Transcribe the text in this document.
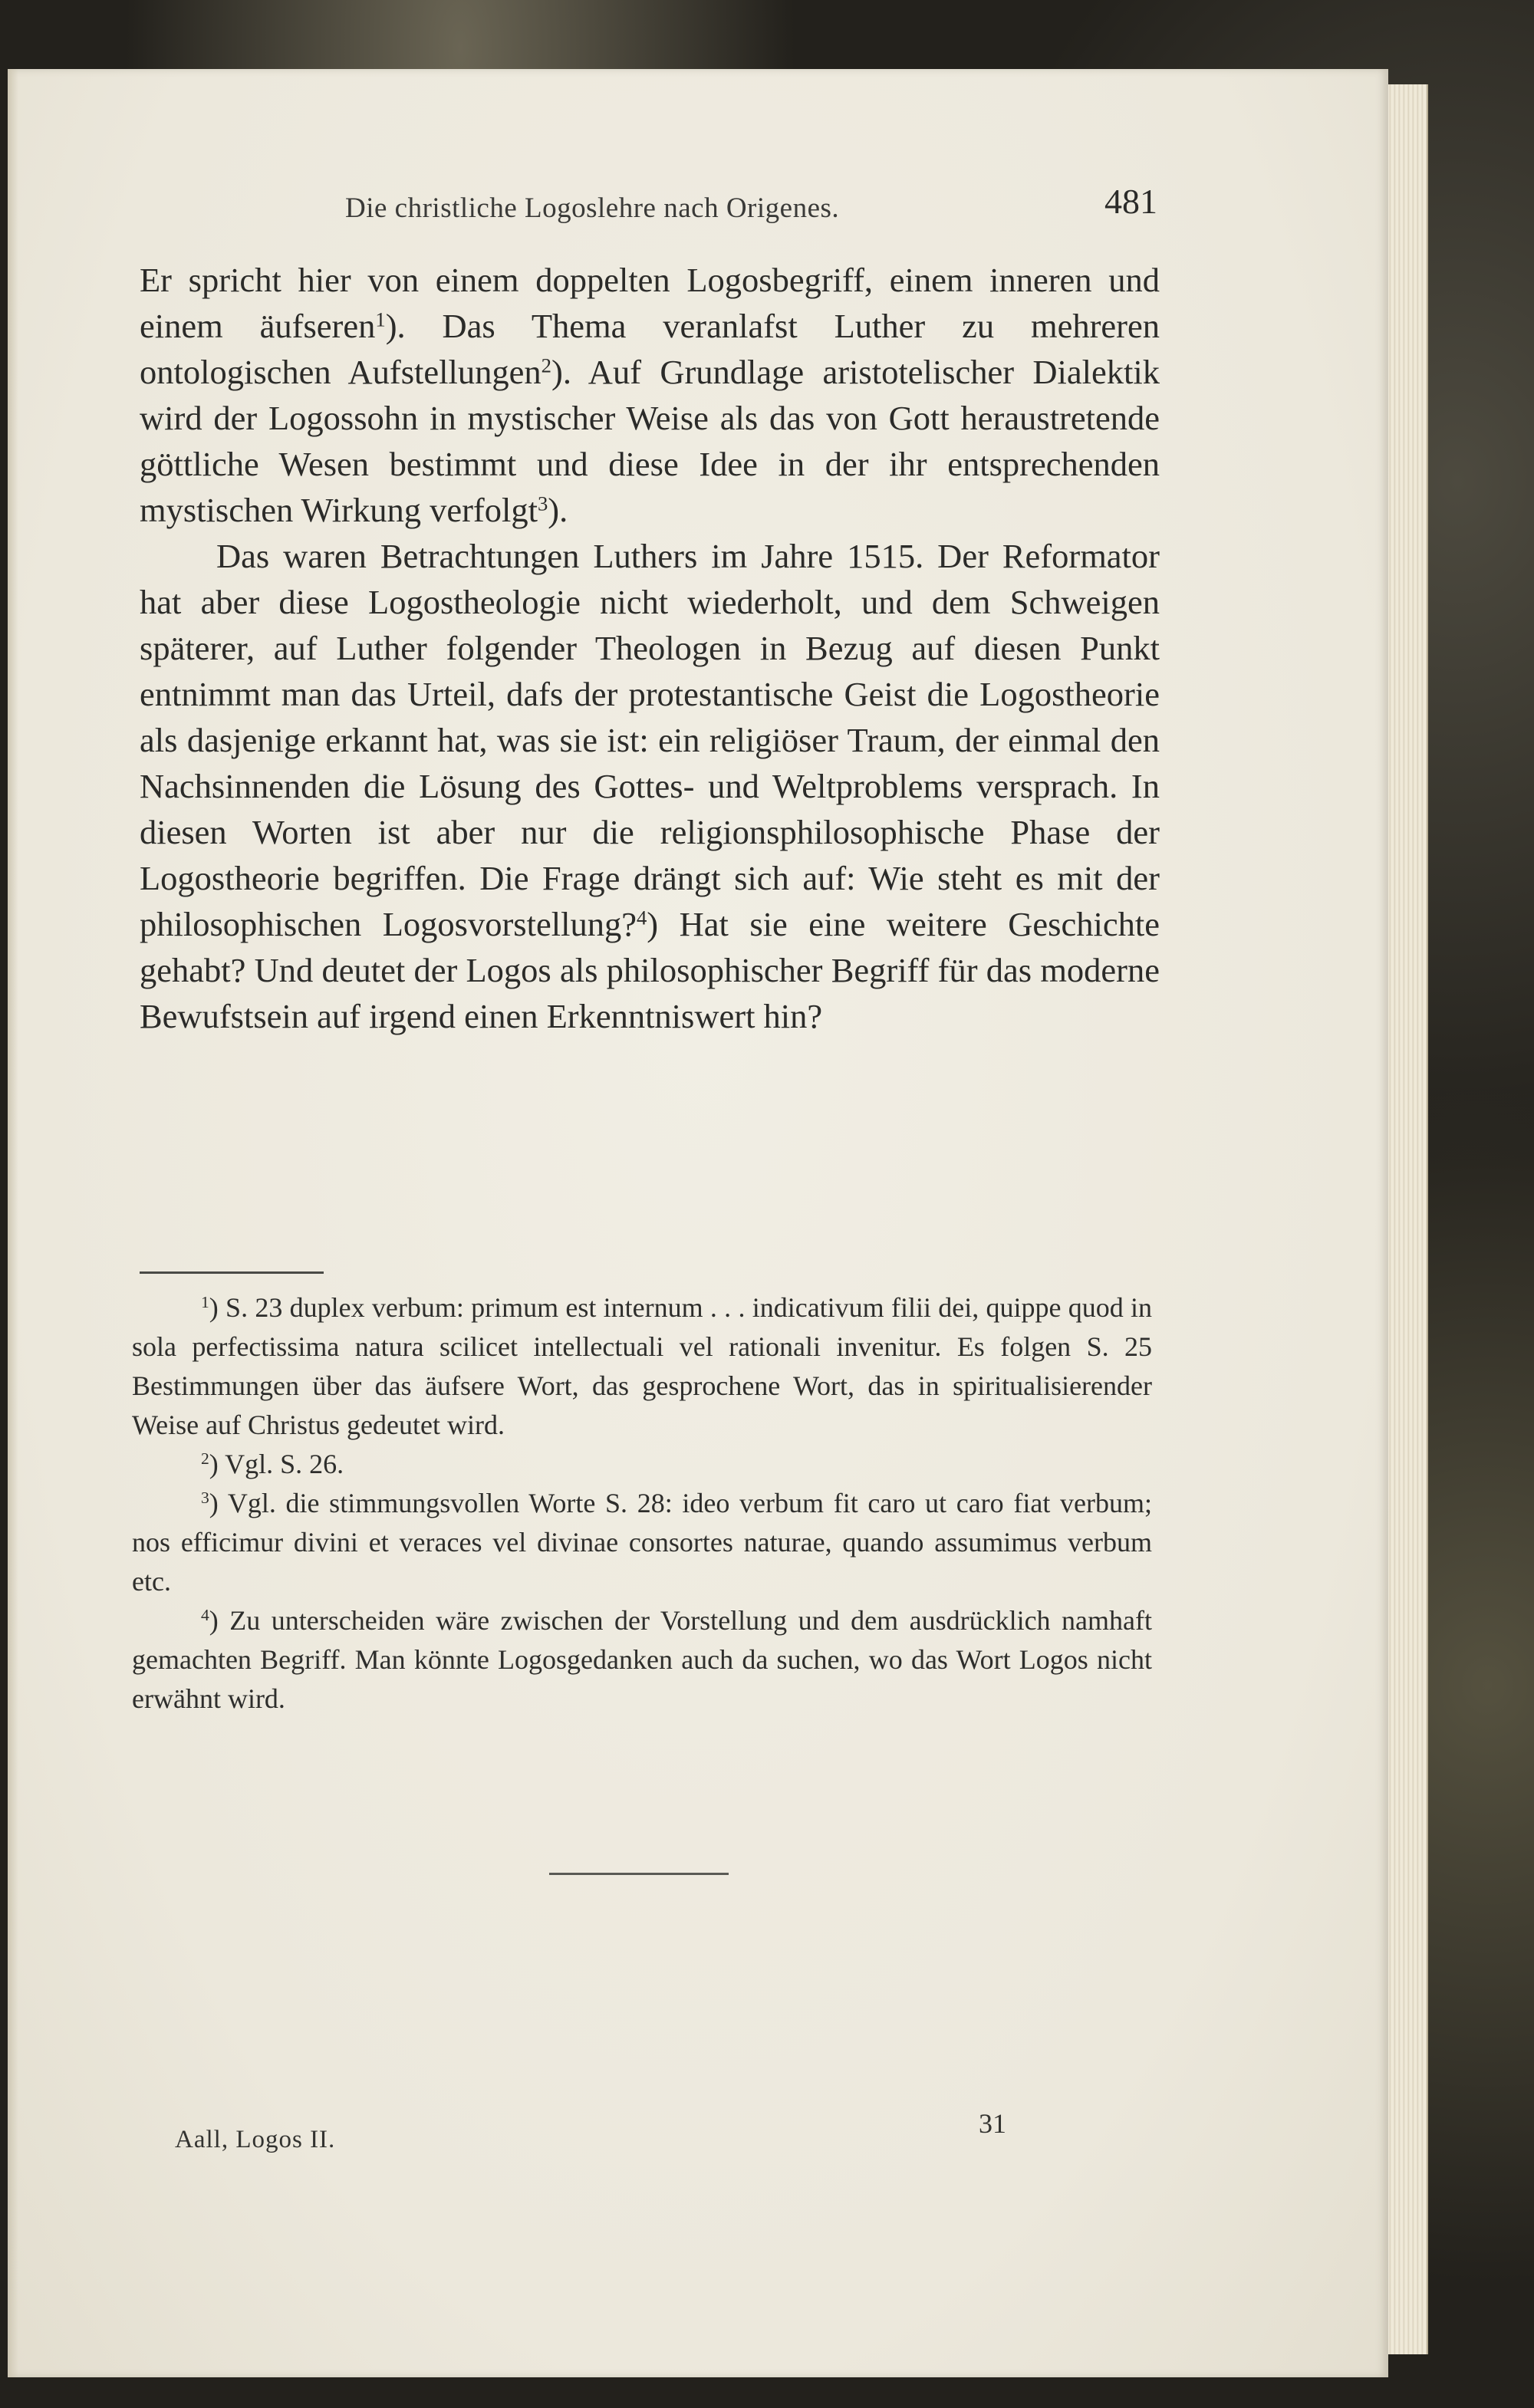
Die christliche Logoslehre nach Origenes.	481

Er spricht hier von einem doppelten Logosbegriff, einem inneren und einem äufseren$^1$). Das Thema veranlafst Luther zu mehreren ontologischen Aufstellungen$^2$). Auf Grundlage aristotelischer Dialektik wird der Logossohn in mystischer Weise als das von Gott heraustretende göttliche Wesen bestimmt und diese Idee in der ihr entsprechenden mystischen Wirkung verfolgt$^3$).

Das waren Betrachtungen Luthers im Jahre 1515. Der Reformator hat aber diese Logostheologie nicht wiederholt, und dem Schweigen späterer, auf Luther folgender Theologen in Bezug auf diesen Punkt entnimmt man das Urteil, dafs der protestantische Geist die Logostheorie als dasjenige erkannt hat, was sie ist: ein religiöser Traum, der einmal den Nachsinnenden die Lösung des Gottes- und Weltproblems versprach. In diesen Worten ist aber nur die religionsphilosophische Phase der Logostheorie begriffen. Die Frage drängt sich auf: Wie steht es mit der philosophischen Logosvorstellung?$^4$) Hat sie eine weitere Geschichte gehabt? Und deutet der Logos als philosophischer Begriff für das moderne Bewufstsein auf irgend einen Erkenntniswert hin?

$^1$) S. 23 duplex verbum: primum est internum . . . indicativum filii dei, quippe quod in sola perfectissima natura scilicet intellectuali vel rationali invenitur. Es folgen S. 25 Bestimmungen über das äufsere Wort, das gesprochene Wort, das in spiritualisierender Weise auf Christus gedeutet wird.

$^2$) Vgl. S. 26.

$^3$) Vgl. die stimmungsvollen Worte S. 28: ideo verbum fit caro ut caro fiat verbum; nos efficimur divini et veraces vel divinae consortes naturae, quando assumimus verbum etc.

$^4$) Zu unterscheiden wäre zwischen der Vorstellung und dem ausdrücklich namhaft gemachten Begriff. Man könnte Logosgedanken auch da suchen, wo das Wort Logos nicht erwähnt wird.

31
Aall, Logos II.
